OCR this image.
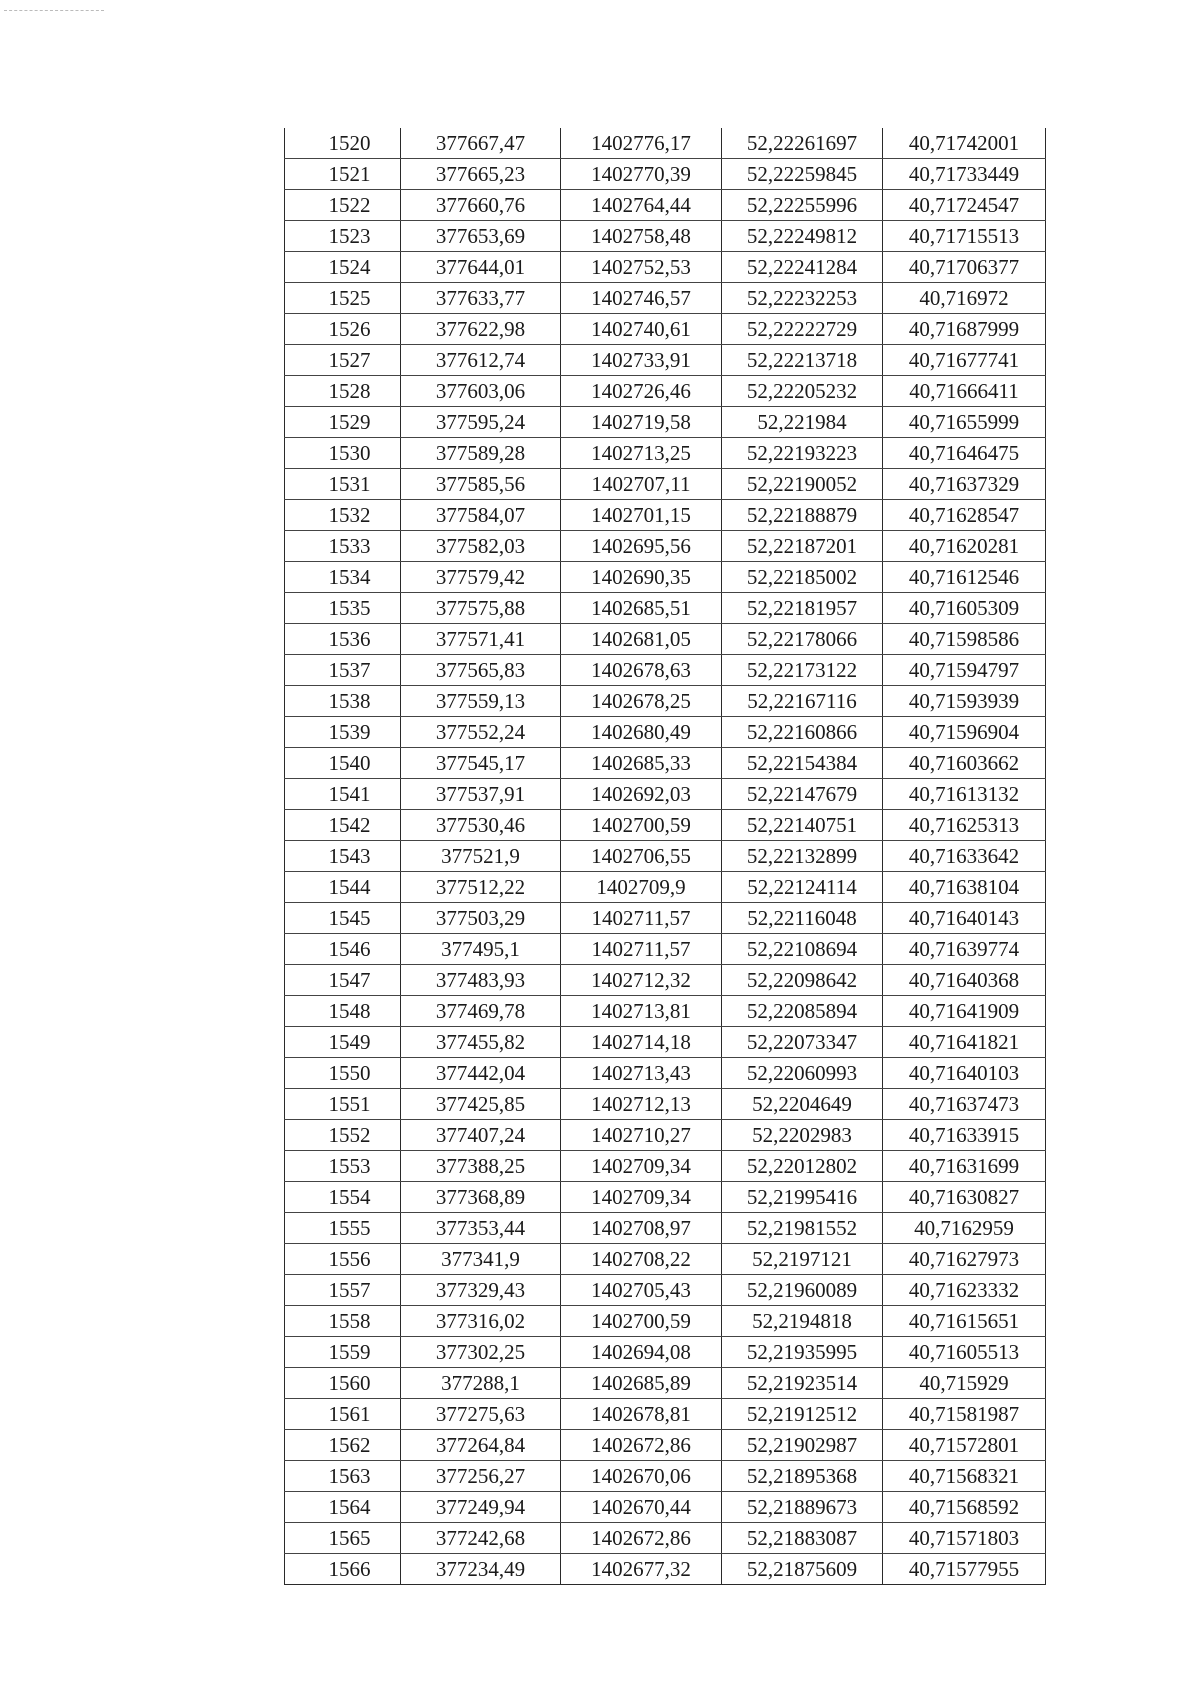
1520	377667,47	1402776,17	52,22261697	40,71742001
1521	377665,23	1402770,39	52,22259845	40,71733449
1522	377660,76	1402764,44	52,22255996	40,71724547
1523	377653,69	1402758,48	52,22249812	40,71715513
1524	377644,01	1402752,53	52,22241284	40,71706377
1525	377633,77	1402746,57	52,22232253	40,716972
1526	377622,98	1402740,61	52,22222729	40,71687999
1527	377612,74	1402733,91	52,22213718	40,71677741
1528	377603,06	1402726,46	52,22205232	40,71666411
1529	377595,24	1402719,58	52,221984	40,71655999
1530	377589,28	1402713,25	52,22193223	40,71646475
1531	377585,56	1402707,11	52,22190052	40,71637329
1532	377584,07	1402701,15	52,22188879	40,71628547
1533	377582,03	1402695,56	52,22187201	40,71620281
1534	377579,42	1402690,35	52,22185002	40,71612546
1535	377575,88	1402685,51	52,22181957	40,71605309
1536	377571,41	1402681,05	52,22178066	40,71598586
1537	377565,83	1402678,63	52,22173122	40,71594797
1538	377559,13	1402678,25	52,22167116	40,71593939
1539	377552,24	1402680,49	52,22160866	40,71596904
1540	377545,17	1402685,33	52,22154384	40,71603662
1541	377537,91	1402692,03	52,22147679	40,71613132
1542	377530,46	1402700,59	52,22140751	40,71625313
1543	377521,9	1402706,55	52,22132899	40,71633642
1544	377512,22	1402709,9	52,22124114	40,71638104
1545	377503,29	1402711,57	52,22116048	40,71640143
1546	377495,1	1402711,57	52,22108694	40,71639774
1547	377483,93	1402712,32	52,22098642	40,71640368
1548	377469,78	1402713,81	52,22085894	40,71641909
1549	377455,82	1402714,18	52,22073347	40,71641821
1550	377442,04	1402713,43	52,22060993	40,71640103
1551	377425,85	1402712,13	52,2204649	40,71637473
1552	377407,24	1402710,27	52,2202983	40,71633915
1553	377388,25	1402709,34	52,22012802	40,71631699
1554	377368,89	1402709,34	52,21995416	40,71630827
1555	377353,44	1402708,97	52,21981552	40,7162959
1556	377341,9	1402708,22	52,2197121	40,71627973
1557	377329,43	1402705,43	52,21960089	40,71623332
1558	377316,02	1402700,59	52,2194818	40,71615651
1559	377302,25	1402694,08	52,21935995	40,71605513
1560	377288,1	1402685,89	52,21923514	40,715929
1561	377275,63	1402678,81	52,21912512	40,71581987
1562	377264,84	1402672,86	52,21902987	40,71572801
1563	377256,27	1402670,06	52,21895368	40,71568321
1564	377249,94	1402670,44	52,21889673	40,71568592
1565	377242,68	1402672,86	52,21883087	40,71571803
1566	377234,49	1402677,32	52,21875609	40,71577955
